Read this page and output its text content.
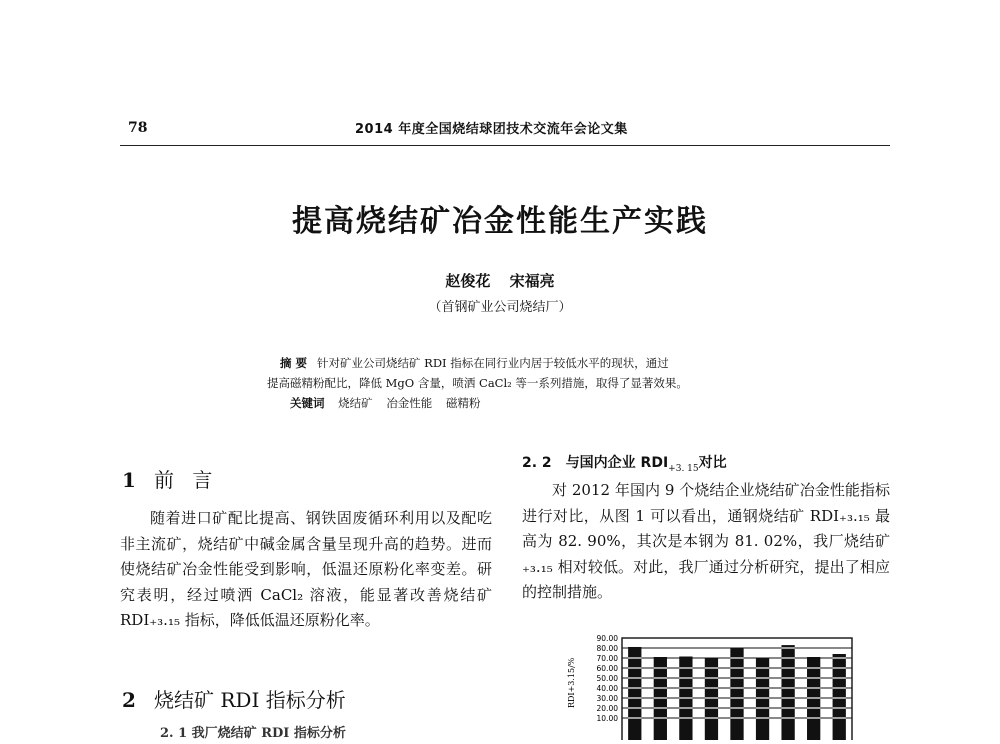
78	2014 年度全国烧结球团技术交流年会论文集
提高烧结矿冶金性能生产实践
赵俊花 宋福亮
（首钢矿业公司烧结厂）
摘 要 针对矿业公司烧结矿 RDI 指标在同行业内居于较低水平的现状，通过
提高磁精粉配比，降低 MgO 含量，喷洒 CaCl₂ 等一系列措施，取得了显著效果。
关键词 烧结矿 冶金性能 磁精粉
1 前 言
随着进口矿配比提高、钢铁固废循环利用以及配吃非主流矿，烧结矿中碱金属含量呈现升高的趋势。进而使烧结矿冶金性能受到影响，低温还原粉化率变差。研究表明，经过喷洒 CaCl₂ 溶液，能显著改善烧结矿 RDI₊₃.₁₅ 指标，降低低温还原粉化率。
2 烧结矿 RDI 指标分析
2. 1 我厂烧结矿 RDI 指标分析
2. 2 与国内企业 $RDI_{+3. 15}$对比
对 2012 年国内 9 个烧结企业烧结矿冶金性能指标进行对比，从图 1 可以看出，通钢烧结矿 RDI₊₃.₁₅ 最高为 82. 90%，其次是本钢为 81. 02%，我厂烧结矿₊₃.₁₅ 相对较低。对此，我厂通过分析研究，提出了相应的控制措施。
RDI+3.15/%
90.00
80.00
70.00
60.00
50.00
40.00
30.00
20.00
10.00
